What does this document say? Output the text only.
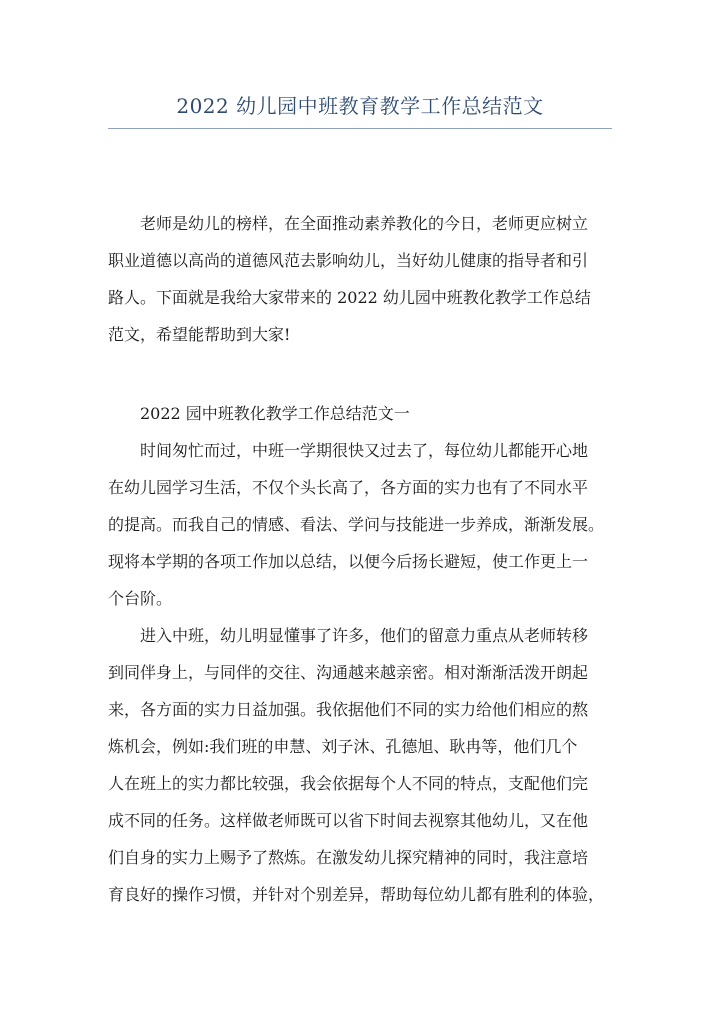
2022 幼儿园中班教育教学工作总结范文

老师是幼儿的榜样，在全面推动素养教化的今日，老师更应树立
职业道德以高尚的道德风范去影响幼儿，当好幼儿健康的指导者和引
路人。下面就是我给大家带来的 2022 幼儿园中班教化教学工作总结
范文，希望能帮助到大家!

2022 园中班教化教学工作总结范文一

时间匆忙而过，中班一学期很快又过去了，每位幼儿都能开心地
在幼儿园学习生活，不仅个头长高了，各方面的实力也有了不同水平
的提高。而我自己的情感、看法、学问与技能进一步养成，渐渐发展。
现将本学期的各项工作加以总结，以便今后扬长避短，使工作更上一
个台阶。

进入中班，幼儿明显懂事了许多，他们的留意力重点从老师转移
到同伴身上，与同伴的交往、沟通越来越亲密。相对渐渐活泼开朗起
来，各方面的实力日益加强。我依据他们不同的实力给他们相应的熬
炼机会，例如:我们班的申慧、刘子沐、孔德旭、耿冉等，他们几个
人在班上的实力都比较强，我会依据每个人不同的特点，支配他们完
成不同的任务。这样做老师既可以省下时间去视察其他幼儿，又在他
们自身的实力上赐予了熬炼。在激发幼儿探究精神的同时，我注意培
育良好的操作习惯，并针对个别差异，帮助每位幼儿都有胜利的体验，
